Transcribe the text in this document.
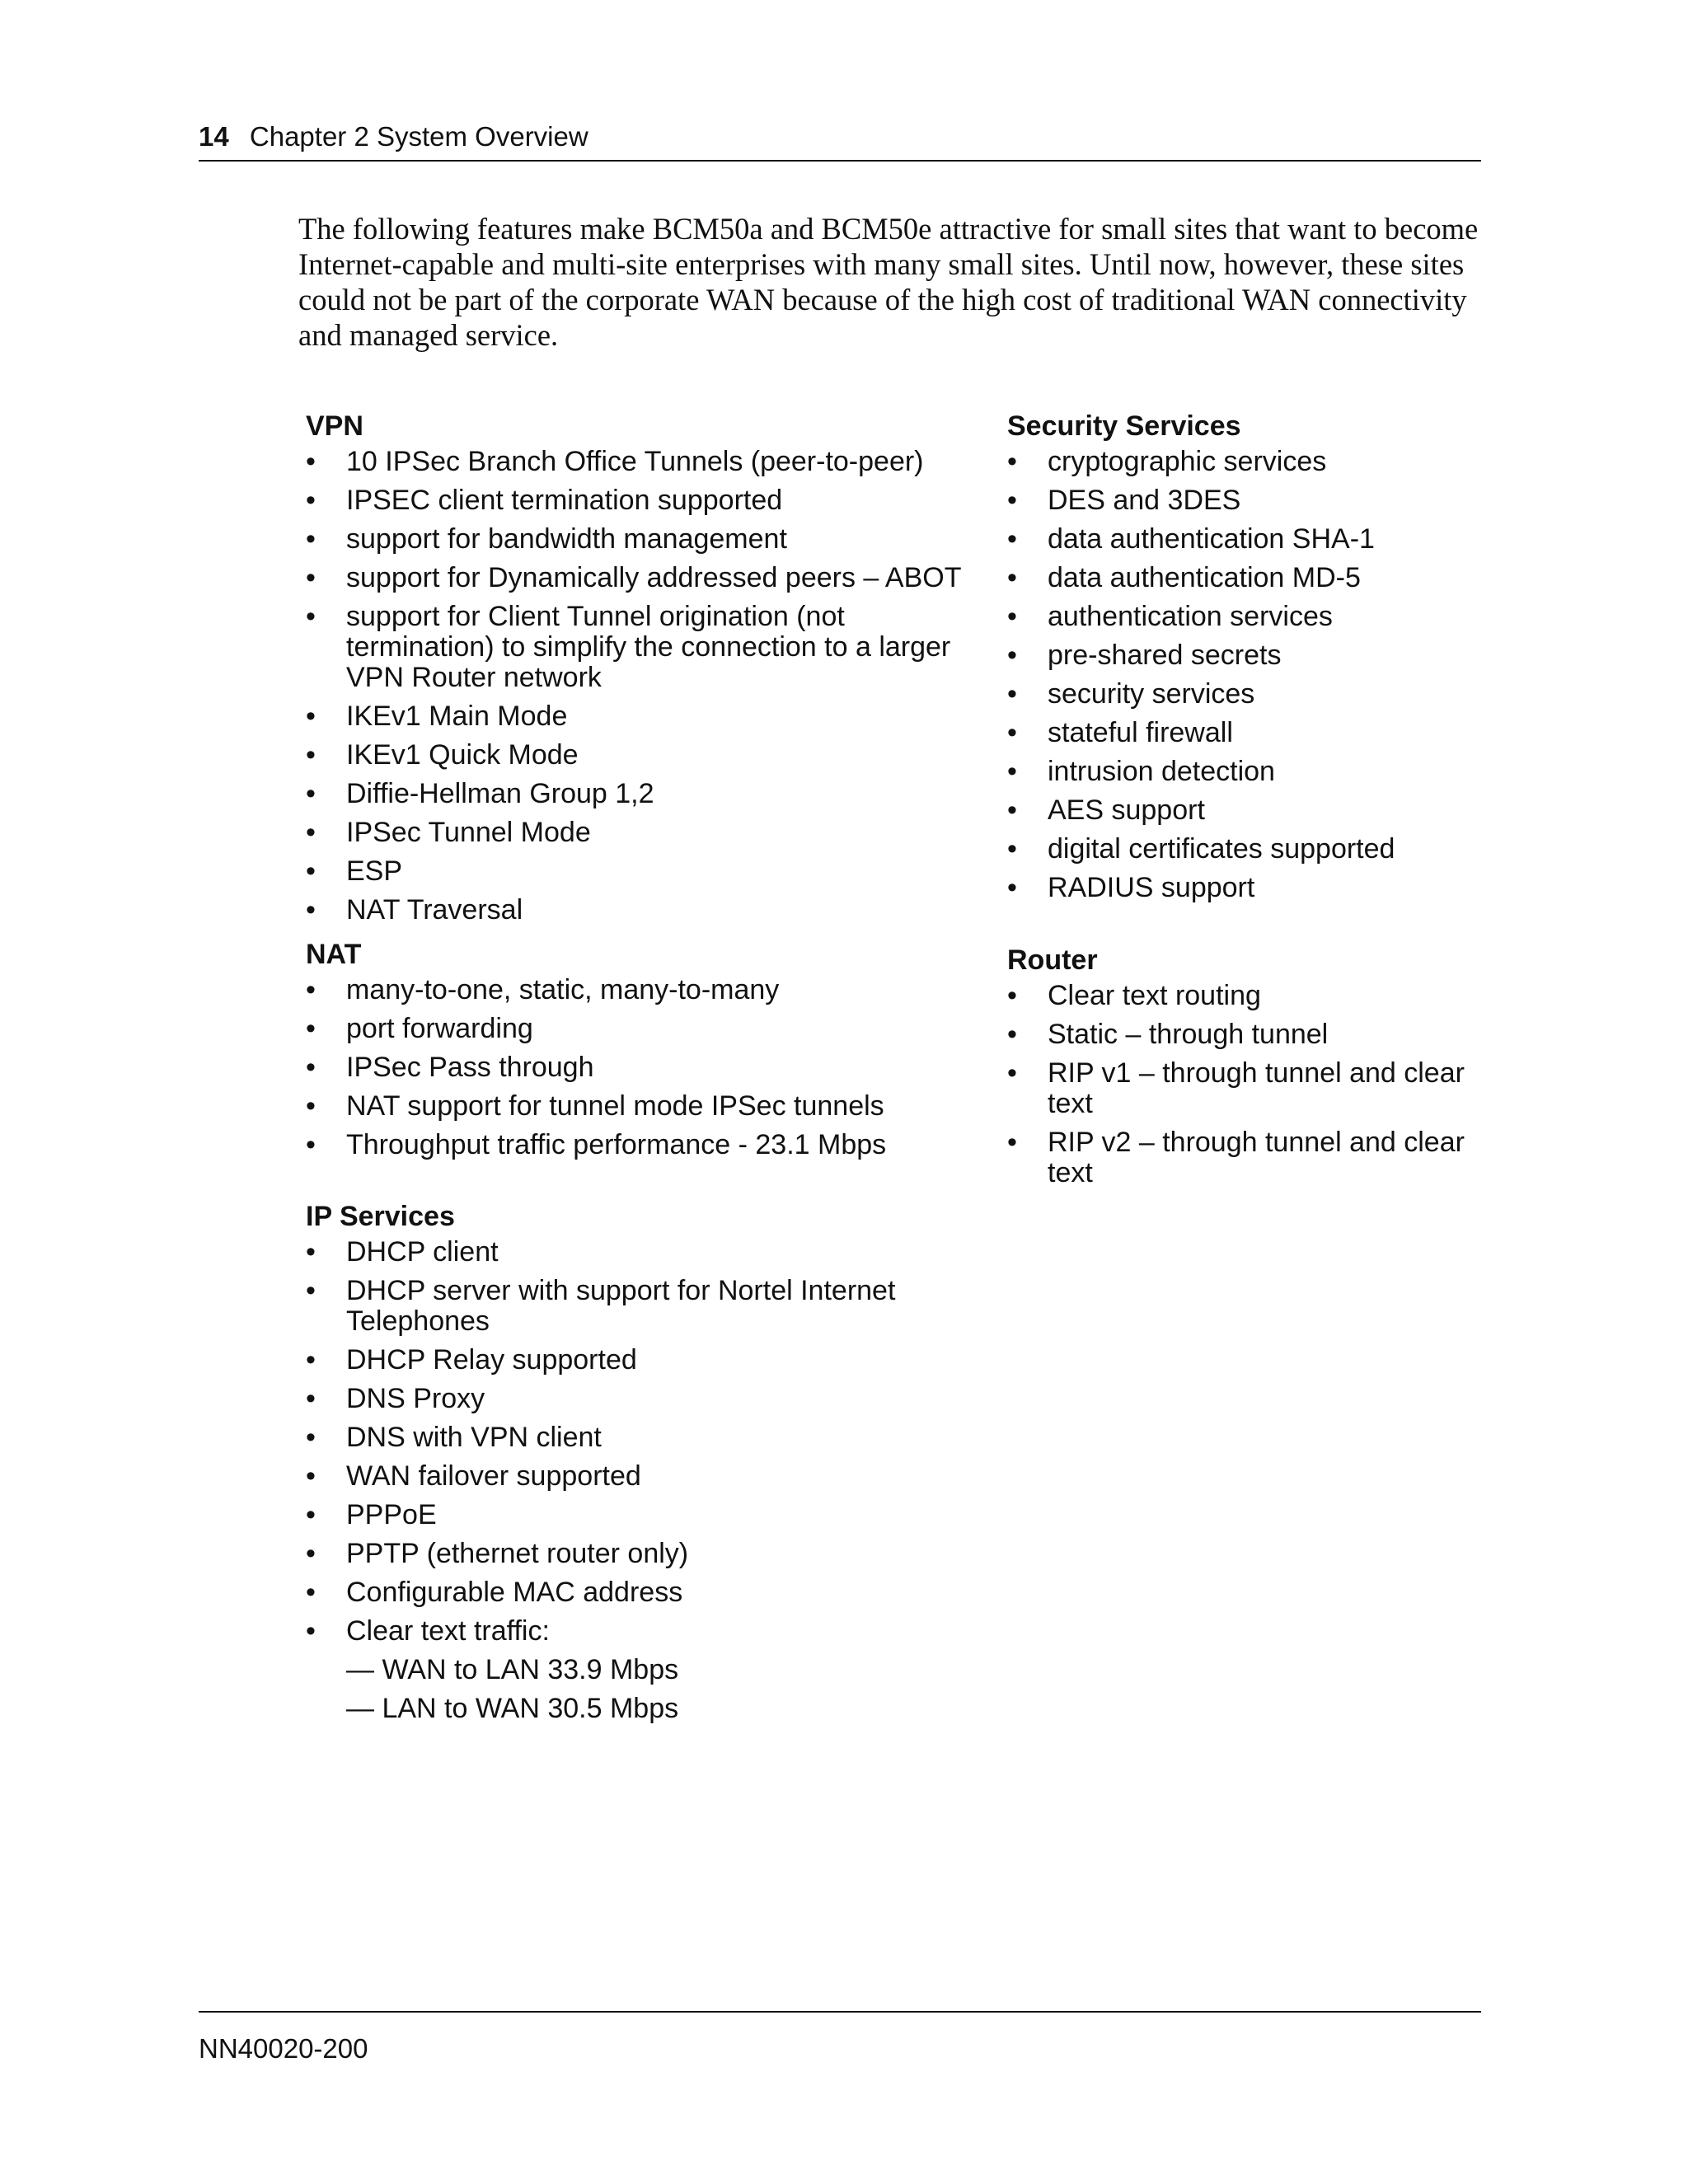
14 Chapter 2 System Overview

The following features make BCM50a and BCM50e attractive for small sites that want to become Internet-capable and multi-site enterprises with many small sites. Until now, however, these sites could not be part of the corporate WAN because of the high cost of traditional WAN connectivity and managed service.

VPN
• 10 IPSec Branch Office Tunnels (peer-to-peer)
• IPSEC client termination supported
• support for bandwidth management
• support for Dynamically addressed peers – ABOT
• support for Client Tunnel origination (not termination) to simplify the connection to a larger VPN Router network
• IKEv1 Main Mode
• IKEv1 Quick Mode
• Diffie-Hellman Group 1,2
• IPSec Tunnel Mode
• ESP
• NAT Traversal
NAT
• many-to-one, static, many-to-many
• port forwarding
• IPSec Pass through
• NAT support for tunnel mode IPSec tunnels
• Throughput traffic performance - 23.1 Mbps
IP Services
• DHCP client
• DHCP server with support for Nortel Internet Telephones
• DHCP Relay supported
• DNS Proxy
• DNS with VPN client
• WAN failover supported
• PPPoE
• PPTP (ethernet router only)
• Configurable MAC address
• Clear text traffic:
— WAN to LAN 33.9 Mbps
— LAN to WAN 30.5 Mbps
Security Services
• cryptographic services
• DES and 3DES
• data authentication SHA-1
• data authentication MD-5
• authentication services
• pre-shared secrets
• security services
• stateful firewall
• intrusion detection
• AES support
• digital certificates supported
• RADIUS support
Router
• Clear text routing
• Static – through tunnel
• RIP v1 – through tunnel and clear text
• RIP v2 – through tunnel and clear text
NN40020-200
